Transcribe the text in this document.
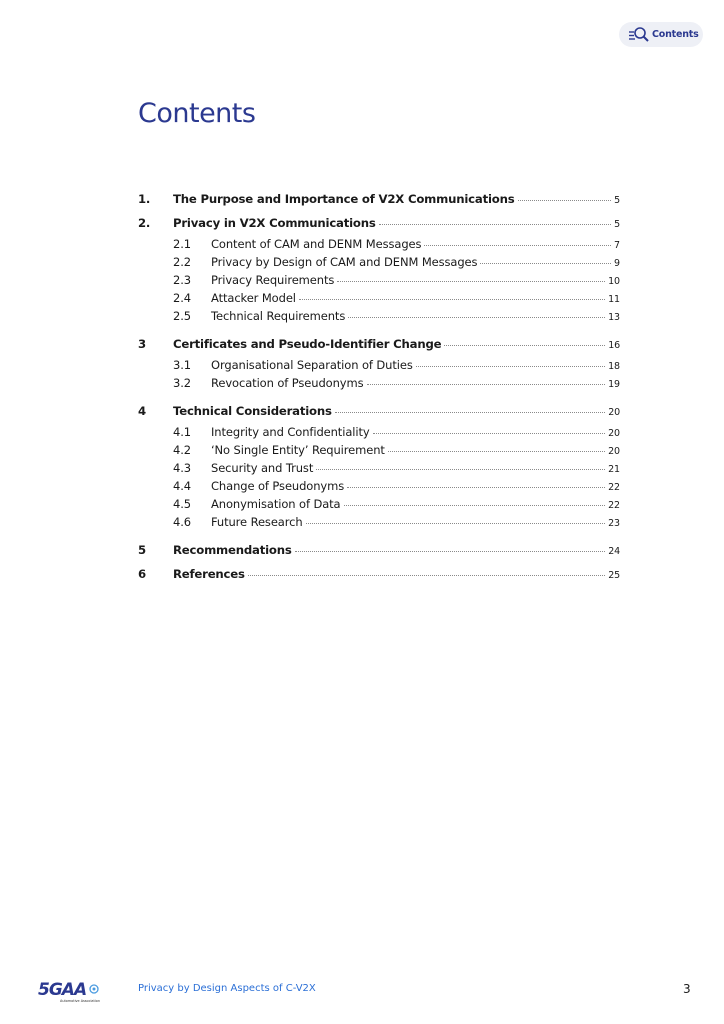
Contents
Contents
1.	The Purpose and Importance of V2X Communications	5
2.	Privacy in V2X Communications	5
2.1	Content of CAM and DENM Messages	7
2.2	Privacy by Design of CAM and DENM Messages	9
2.3	Privacy Requirements	10
2.4	Attacker Model	11
2.5	Technical Requirements	13
3	Certificates and Pseudo-Identifier Change	16
3.1	Organisational Separation of Duties	18
3.2	Revocation of Pseudonyms	19
4	Technical Considerations	20
4.1	Integrity and Confidentiality	20
4.2	‘No Single Entity’ Requirement	20
4.3	Security and Trust	21
4.4	Change of Pseudonyms	22
4.5	Anonymisation of Data	22
4.6	Future Research	23
5	Recommendations	24
6	References	25
5GAA
Automotive Association
Privacy by Design Aspects of C-V2X	3
